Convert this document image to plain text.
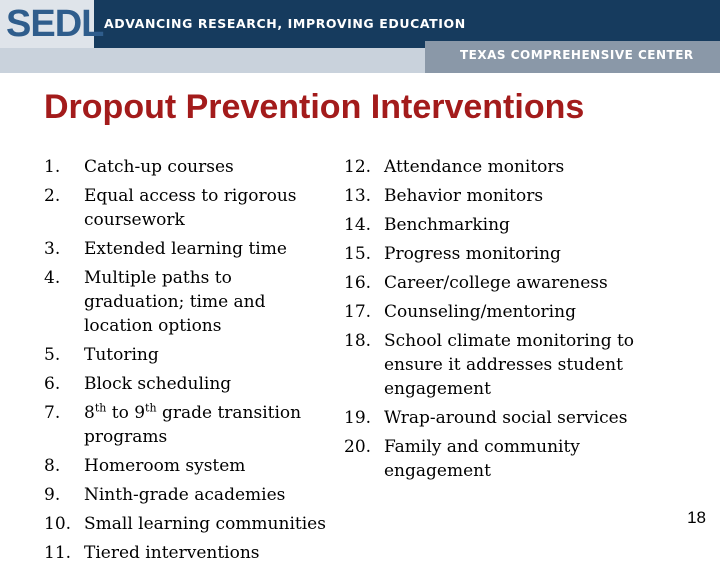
SEDL ADVANCING RESEARCH, IMPROVING EDUCATION
TEXAS COMPREHENSIVE CENTER
Dropout Prevention Interventions
1. Catch-up courses
2. Equal access to rigorous coursework
3. Extended learning time
4. Multiple paths to graduation; time and location options
5. Tutoring
6. Block scheduling
7. 8th to 9th grade transition programs
8. Homeroom system
9. Ninth-grade academies
10. Small learning communities
11. Tiered interventions
12. Attendance monitors
13. Behavior monitors
14. Benchmarking
15. Progress monitoring
16. Career/college awareness
17. Counseling/mentoring
18. School climate monitoring to ensure it addresses student engagement
19. Wrap-around social services
20. Family and community engagement
18
